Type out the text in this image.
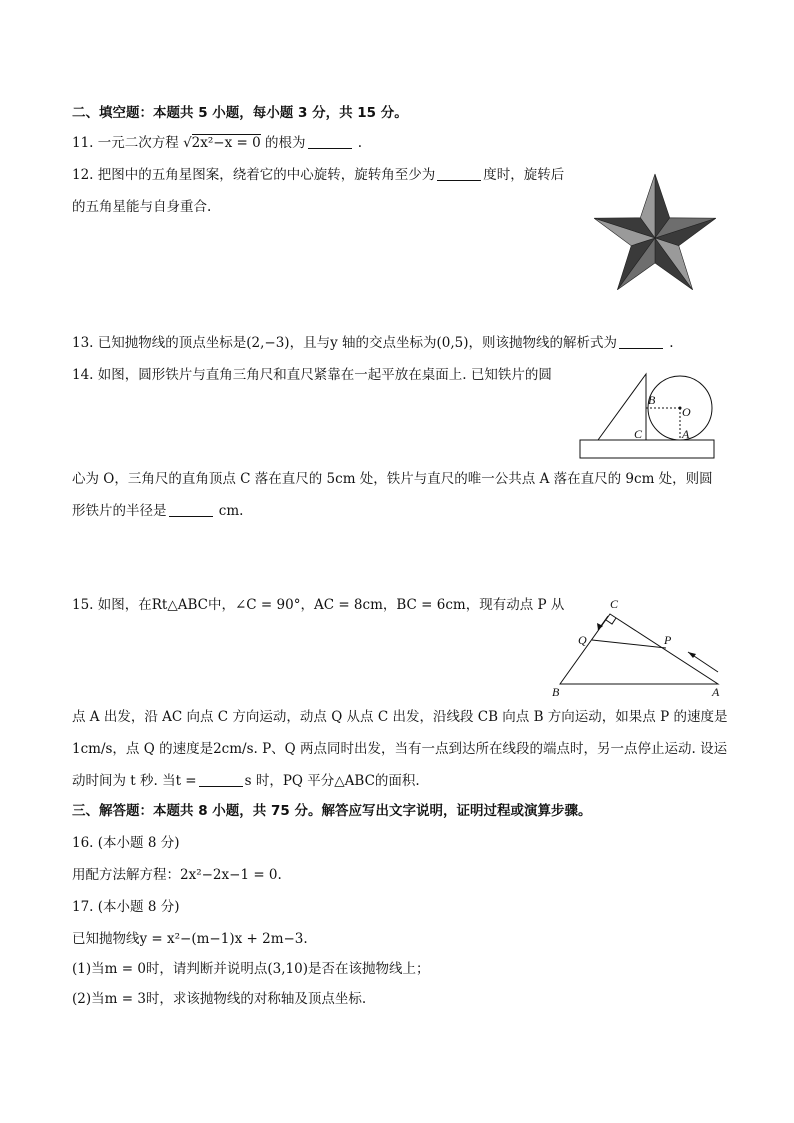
二、填空题：本题共 5 小题，每小题 3 分，共 15 分。
11. 一元二次方程 √2x²−x = 0 的根为	.
12. 把图中的五角星图案，绕着它的中心旋转，旋转角至少为	度时，旋转后
的五角星能与自身重合.
13. 已知抛物线的顶点坐标是(2,−3)，且与y 轴的交点坐标为(0,5)，则该抛物线的解析式为	.
14. 如图，圆形铁片与直角三角尺和直尺紧靠在一起平放在桌面上. 已知铁片的圆
B
O
C	A
心为 O，三角尺的直角顶点 C 落在直尺的 5cm 处，铁片与直尺的唯一公共点 A 落在直尺的 9cm 处，则圆
形铁片的半径是	cm.
15. 如图，在Rt△ABC中，∠C = 90°，AC = 8cm，BC = 6cm，现有动点 P 从	C
Q	P
B	A
点 A 出发，沿 AC 向点 C 方向运动，动点 Q 从点 C 出发，沿线段 CB 向点 B 方向运动，如果点 P 的速度是
1cm/s，点 Q 的速度是2cm/s. P、Q 两点同时出发，当有一点到达所在线段的端点时，另一点停止运动. 设运
动时间为 t 秒. 当t =	s 时，PQ 平分△ABC的面积.
三、解答题：本题共 8 小题，共 75 分。解答应写出文字说明，证明过程或演算步骤。
16. (本小题 8 分)
用配方法解方程：2x²−2x−1 = 0.
17. (本小题 8 分)
已知抛物线y = x²−(m−1)x + 2m−3.
(1)当m = 0时，请判断并说明点(3,10)是否在该抛物线上；
(2)当m = 3时，求该抛物线的对称轴及顶点坐标.
